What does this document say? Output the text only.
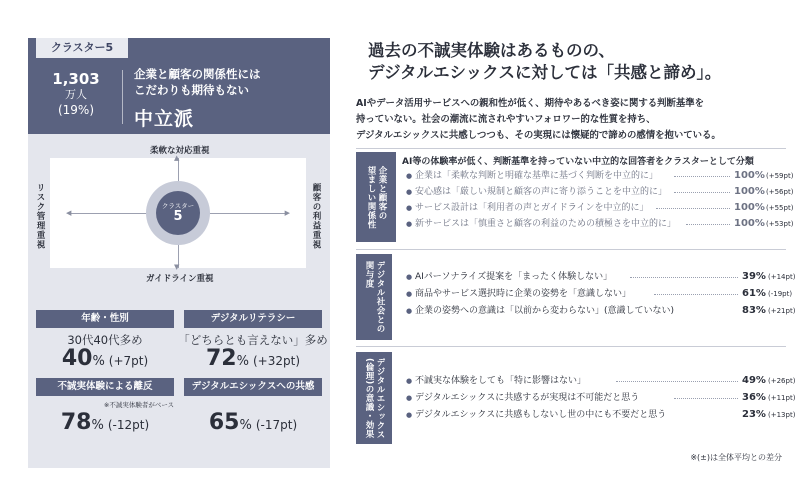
クラスター5
1,303
万人
(19%)
企業と顧客の関係性には
こだわりも期待もない
中立派
▲
▼
◀	▶
クラスター
5
柔軟な対応重視
ガイドライン重視
リスク管理重視	顧客の利益重視
年齢・性別
30代40代多め
40% (+7pt)
デジタルリテラシー
「どちらとも言えない」多め
72% (+32pt)
不誠実体験による離反
※不誠実体験者がベース
78% (-12pt)
デジタルエシックスへの共感
65% (-17pt)
過去の不誠実体験はあるものの、
デジタルエシックスに対しては「共感と諦め」。
AIやデータ活用サービスへの親和性が低く、期待やあるべき姿に関する判断基準を
持っていない。社会の潮流に流されやすいフォロワー的な性質を持ち、
デジタルエシックスに共感しつつも、その実現には懐疑的で諦めの感情を抱いている。
企業と顧客の
望ましい関係性
AI等の体験率が低く、判断基準を持っていない中立的な回答者をクラスターとして分類
● 企業は「柔軟な判断と明確な基準に基づく判断を中立的に」	100% (+59pt)
● 安心感は「厳しい規制と顧客の声に寄り添うことを中立的に」	100% (+56pt)
● サービス設計は「利用者の声とガイドラインを中立的に」	100% (+55pt)
● 新サービスは「慎重さと顧客の利益のための積極さを中立的に」	100% (+53pt)
デジタル社会との
関与度	● AIパーソナライズ提案を「まったく体験しない」	39% (+14pt)
● 商品やサービス選択時に企業の姿勢を「意識しない」	61% (-19pt)
● 企業の姿勢への意識は「以前から変わらない」(意識していない)	83% (+21pt)
デジタルエシックス
(倫理)の意識・効果	● 不誠実な体験をしても「特に影響はない」	49% (+26pt)
● デジタルエシックスに共感するが実現は不可能だと思う	36% (+11pt)
● デジタルエシックスに共感もしないし世の中にも不要だと思う	23% (+13pt)
※(±)は全体平均との差分
